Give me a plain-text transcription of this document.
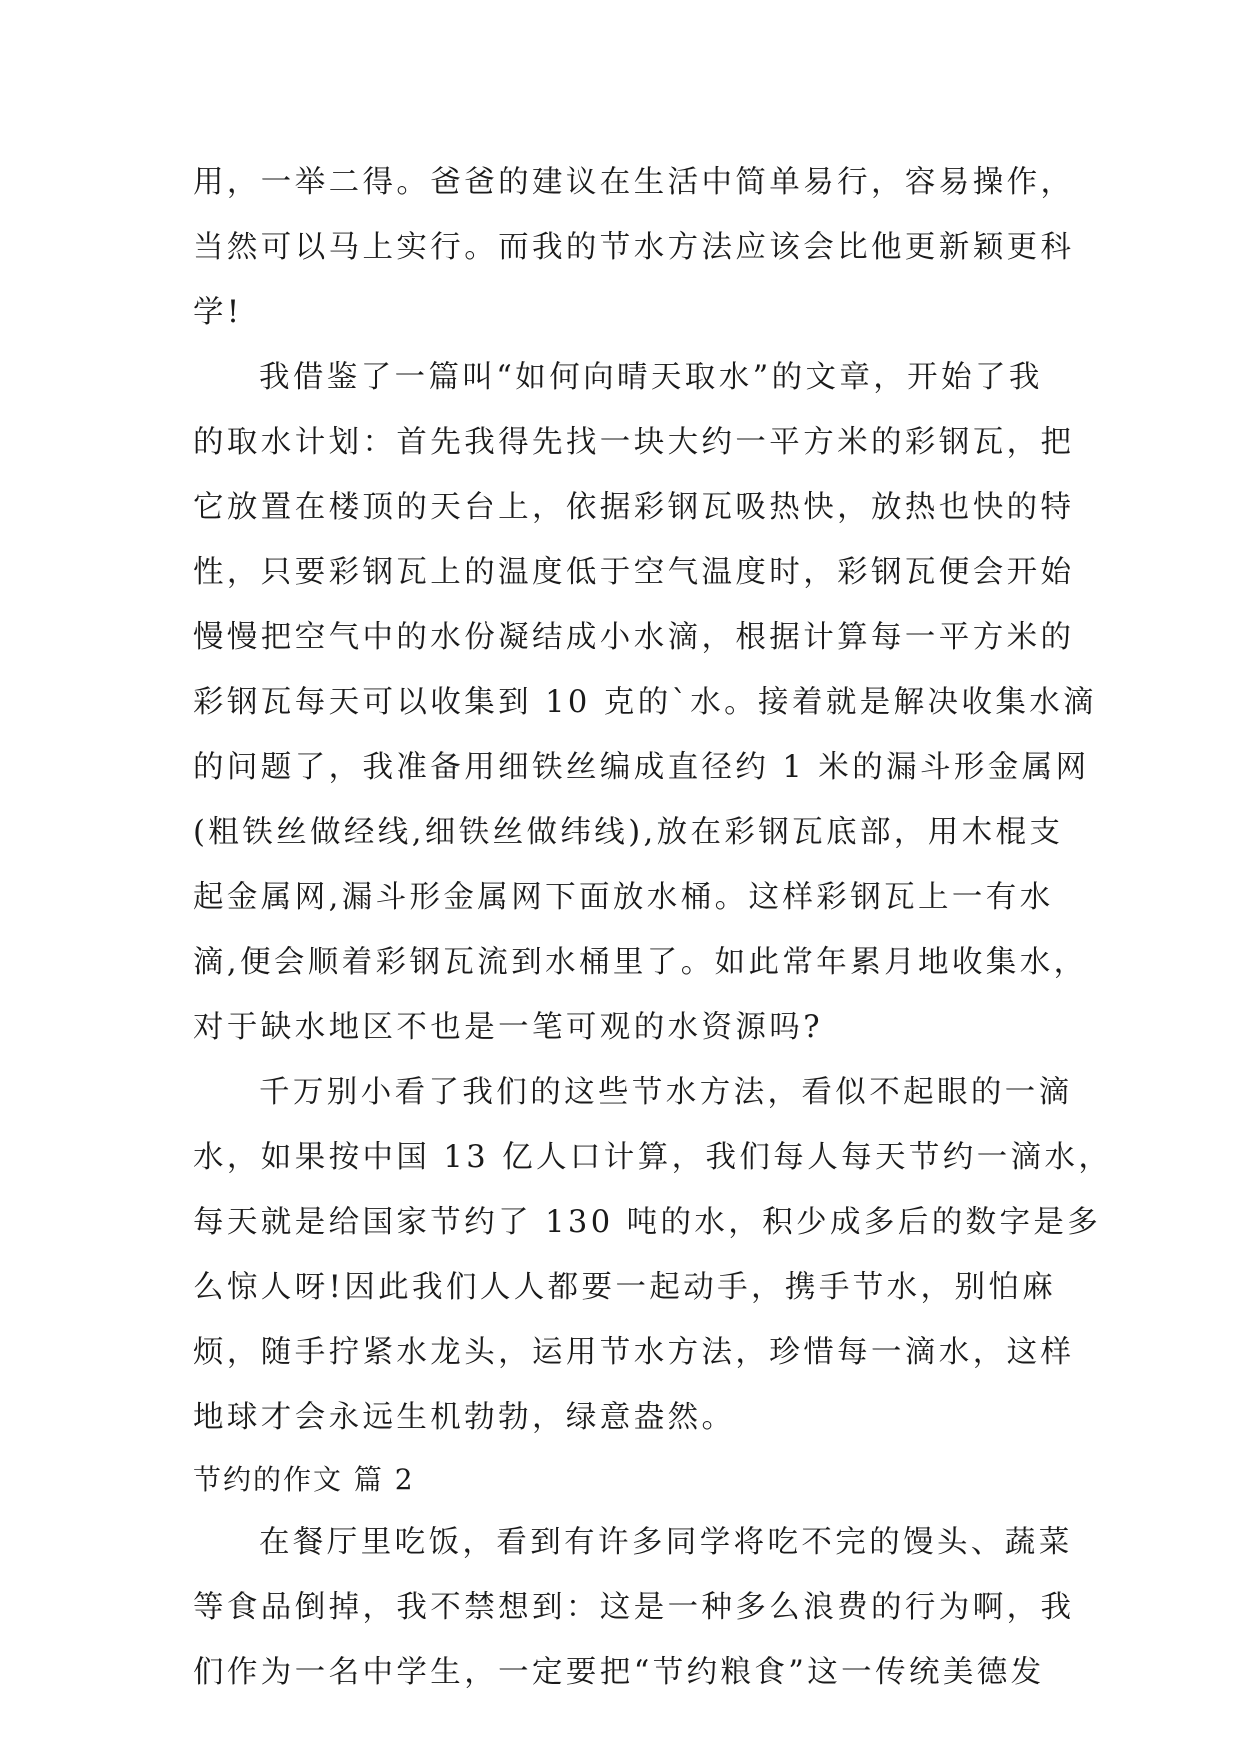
用，一举二得。爸爸的建议在生活中简单易行，容易操作，
当然可以马上实行。而我的节水方法应该会比他更新颖更科
学!
我借鉴了一篇叫“如何向晴天取水”的文章，开始了我
的取水计划：首先我得先找一块大约一平方米的彩钢瓦，把
它放置在楼顶的天台上，依据彩钢瓦吸热快，放热也快的特
性，只要彩钢瓦上的温度低于空气温度时，彩钢瓦便会开始
慢慢把空气中的水份凝结成小水滴，根据计算每一平方米的
彩钢瓦每天可以收集到 10 克的`水。接着就是解决收集水滴
的问题了，我准备用细铁丝编成直径约 1 米的漏斗形金属网
(粗铁丝做经线,细铁丝做纬线),放在彩钢瓦底部，用木棍支
起金属网,漏斗形金属网下面放水桶。这样彩钢瓦上一有水
滴,便会顺着彩钢瓦流到水桶里了。如此常年累月地收集水，
对于缺水地区不也是一笔可观的水资源吗?
千万别小看了我们的这些节水方法，看似不起眼的一滴
水，如果按中国 13 亿人口计算，我们每人每天节约一滴水，
每天就是给国家节约了 130 吨的水，积少成多后的数字是多
么惊人呀!因此我们人人都要一起动手，携手节水，别怕麻
烦，随手拧紧水龙头，运用节水方法，珍惜每一滴水，这样
地球才会永远生机勃勃，绿意盎然。
节约的作文 篇 2
在餐厅里吃饭，看到有许多同学将吃不完的馒头、蔬菜
等食品倒掉，我不禁想到：这是一种多么浪费的行为啊，我
们作为一名中学生，一定要把“节约粮食”这一传统美德发
